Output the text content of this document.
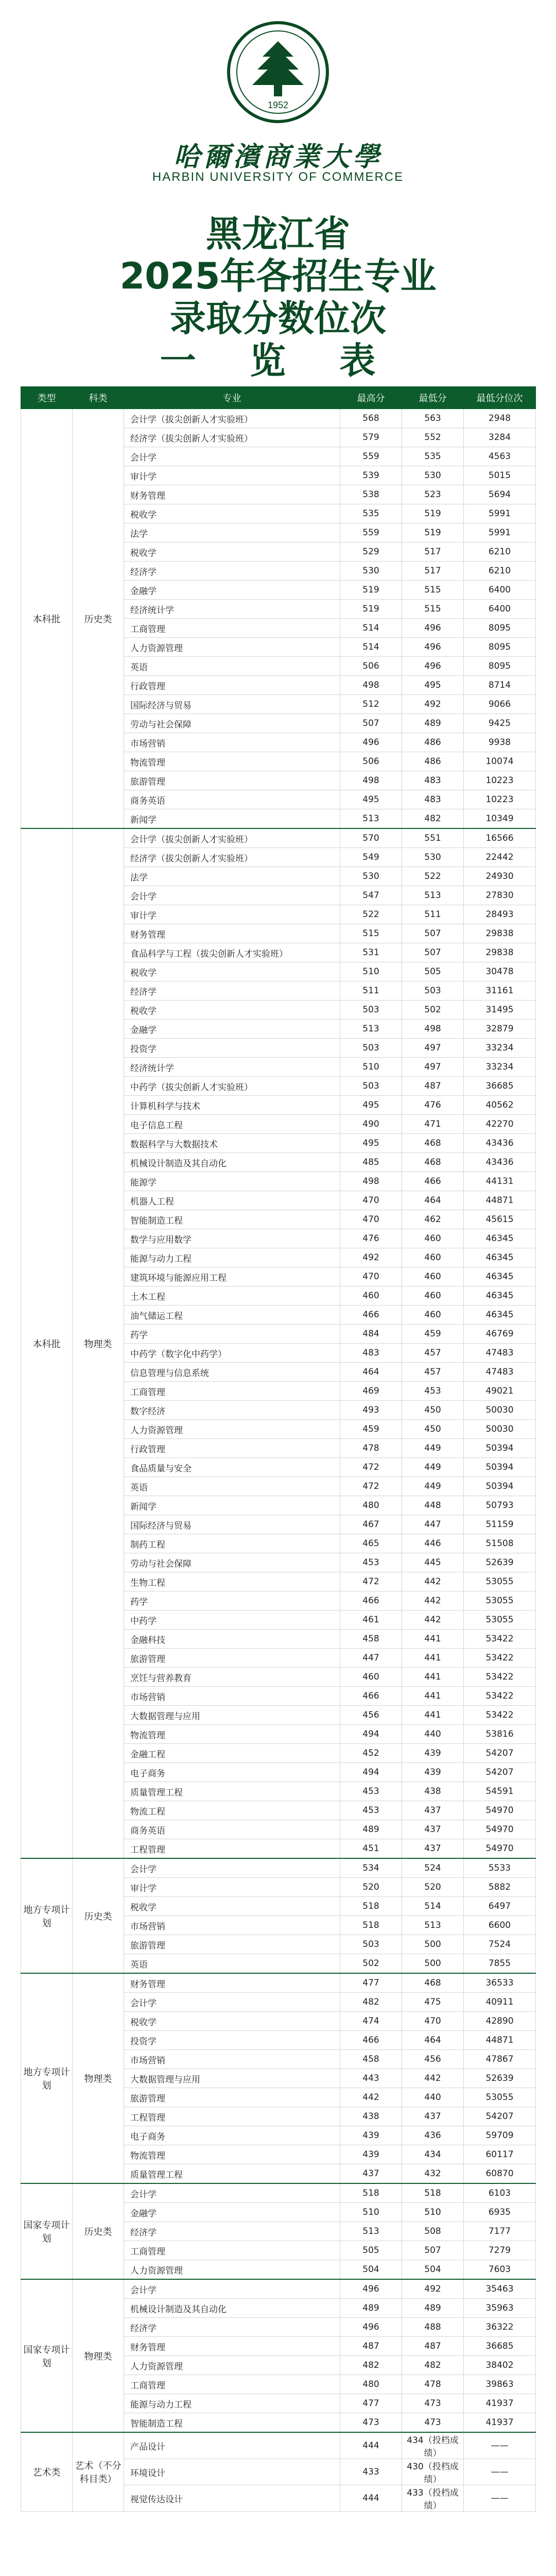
1952
哈爾濱商業大學
HARBIN UNIVERSITY OF COMMERCE
黑龙江省
2025年各招生专业
录取分数位次
一 览 表
类型	科类	专业	最高分	最低分	最低分位次
本科批	历史类	会计学（拔尖创新人才实验班）	568	563	2948
		经济学（拔尖创新人才实验班）	579	552	3284
		会计学	559	535	4563
		审计学	539	530	5015
		财务管理	538	523	5694
		税收学	535	519	5991
		法学	559	519	5991
		税收学	529	517	6210
		经济学	530	517	6210
		金融学	519	515	6400
		经济统计学	519	515	6400
		工商管理	514	496	8095
		人力资源管理	514	496	8095
		英语	506	496	8095
		行政管理	498	495	8714
		国际经济与贸易	512	492	9066
		劳动与社会保障	507	489	9425
		市场营销	496	486	9938
		物流管理	506	486	10074
		旅游管理	498	483	10223
		商务英语	495	483	10223
		新闻学	513	482	10349
本科批	物理类	会计学（拔尖创新人才实验班）	570	551	16566
		经济学（拔尖创新人才实验班）	549	530	22442
		法学	530	522	24930
		会计学	547	513	27830
		审计学	522	511	28493
		财务管理	515	507	29838
		食品科学与工程（拔尖创新人才实验班）	531	507	29838
		税收学	510	505	30478
		经济学	511	503	31161
		税收学	503	502	31495
		金融学	513	498	32879
		投资学	503	497	33234
		经济统计学	510	497	33234
		中药学（拔尖创新人才实验班）	503	487	36685
		计算机科学与技术	495	476	40562
		电子信息工程	490	471	42270
		数据科学与大数据技术	495	468	43436
		机械设计制造及其自动化	485	468	43436
		能源学	498	466	44131
		机器人工程	470	464	44871
		智能制造工程	470	462	45615
		数学与应用数学	476	460	46345
		能源与动力工程	492	460	46345
		建筑环境与能源应用工程	470	460	46345
		土木工程	460	460	46345
		油气储运工程	466	460	46345
		药学	484	459	46769
		中药学（数字化中药学）	483	457	47483
		信息管理与信息系统	464	457	47483
		工商管理	469	453	49021
		数字经济	493	450	50030
		人力资源管理	459	450	50030
		行政管理	478	449	50394
		食品质量与安全	472	449	50394
		英语	472	449	50394
		新闻学	480	448	50793
		国际经济与贸易	467	447	51159
		制药工程	465	446	51508
		劳动与社会保障	453	445	52639
		生物工程	472	442	53055
		药学	466	442	53055
		中药学	461	442	53055
		金融科技	458	441	53422
		旅游管理	447	441	53422
		烹饪与营养教育	460	441	53422
		市场营销	466	441	53422
		大数据管理与应用	456	441	53422
		物流管理	494	440	53816
		金融工程	452	439	54207
		电子商务	494	439	54207
		质量管理工程	453	438	54591
		物流工程	453	437	54970
		商务英语	489	437	54970
		工程管理	451	437	54970
地方专项计划	历史类	会计学	534	524	5533
		审计学	520	520	5882
		税收学	518	514	6497
		市场营销	518	513	6600
		旅游管理	503	500	7524
		英语	502	500	7855
地方专项计划	物理类	财务管理	477	468	36533
		会计学	482	475	40911
		税收学	474	470	42890
		投资学	466	464	44871
		市场营销	458	456	47867
		大数据管理与应用	443	442	52639
		旅游管理	442	440	53055
		工程管理	438	437	54207
		电子商务	439	436	59709
		物流管理	439	434	60117
		质量管理工程	437	432	60870
国家专项计划	历史类	会计学	518	518	6103
		金融学	510	510	6935
		经济学	513	508	7177
		工商管理	505	507	7279
		人力资源管理	504	504	7603
国家专项计划	物理类	会计学	496	492	35463
		机械设计制造及其自动化	489	489	35963
		经济学	496	488	36322
		财务管理	487	487	36685
		人力资源管理	482	482	38402
		工商管理	480	478	39863
		能源与动力工程	477	473	41937
		智能制造工程	473	473	41937
艺术类	艺术（不分科目类）	产品设计	444	434（投档成绩）	——
		环境设计	433	430（投档成绩）	——
		视觉传达设计	444	433（投档成绩）	——
